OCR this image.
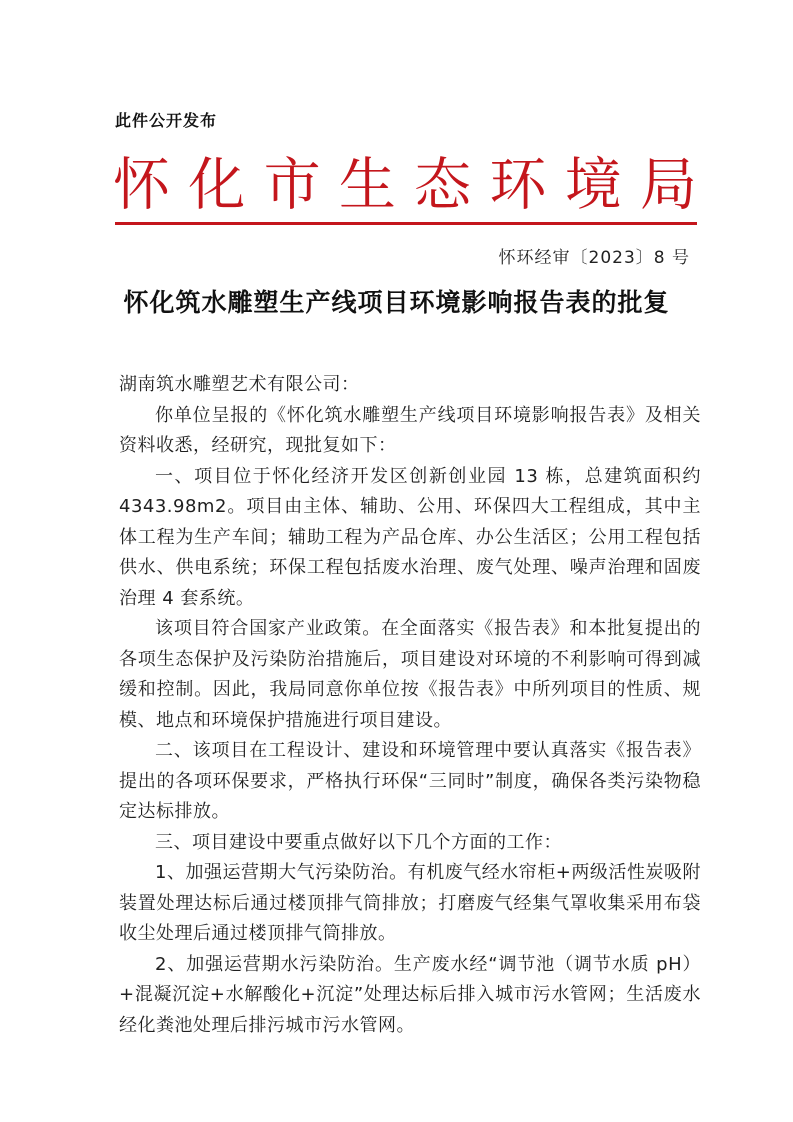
此件公开发布
怀 化 市 生 态 环 境 局
怀环经审〔2023〕8 号
怀化筑水雕塑生产线项目环境影响报告表的批复

湖南筑水雕塑艺术有限公司：

你单位呈报的《怀化筑水雕塑生产线项目环境影响报告表》及相关资料收悉，经研究，现批复如下：

一、项目位于怀化经济开发区创新创业园 13 栋，总建筑面积约 4343.98m2。项目由主体、辅助、公用、环保四大工程组成，其中主体工程为生产车间；辅助工程为产品仓库、办公生活区；公用工程包括供水、供电系统；环保工程包括废水治理、废气处理、噪声治理和固废治理 4 套系统。

该项目符合国家产业政策。在全面落实《报告表》和本批复提出的各项生态保护及污染防治措施后，项目建设对环境的不利影响可得到减缓和控制。因此，我局同意你单位按《报告表》中所列项目的性质、规模、地点和环境保护措施进行项目建设。

二、该项目在工程设计、建设和环境管理中要认真落实《报告表》提出的各项环保要求，严格执行环保“三同时”制度，确保各类污染物稳定达标排放。

三、项目建设中要重点做好以下几个方面的工作：

1、加强运营期大气污染防治。有机废气经水帘柜+两级活性炭吸附装置处理达标后通过楼顶排气筒排放；打磨废气经集气罩收集采用布袋收尘处理后通过楼顶排气筒排放。

2、加强运营期水污染防治。生产废水经“调节池（调节水质 pH）+混凝沉淀+水解酸化+沉淀”处理达标后排入城市污水管网；生活废水经化粪池处理后排污城市污水管网。
